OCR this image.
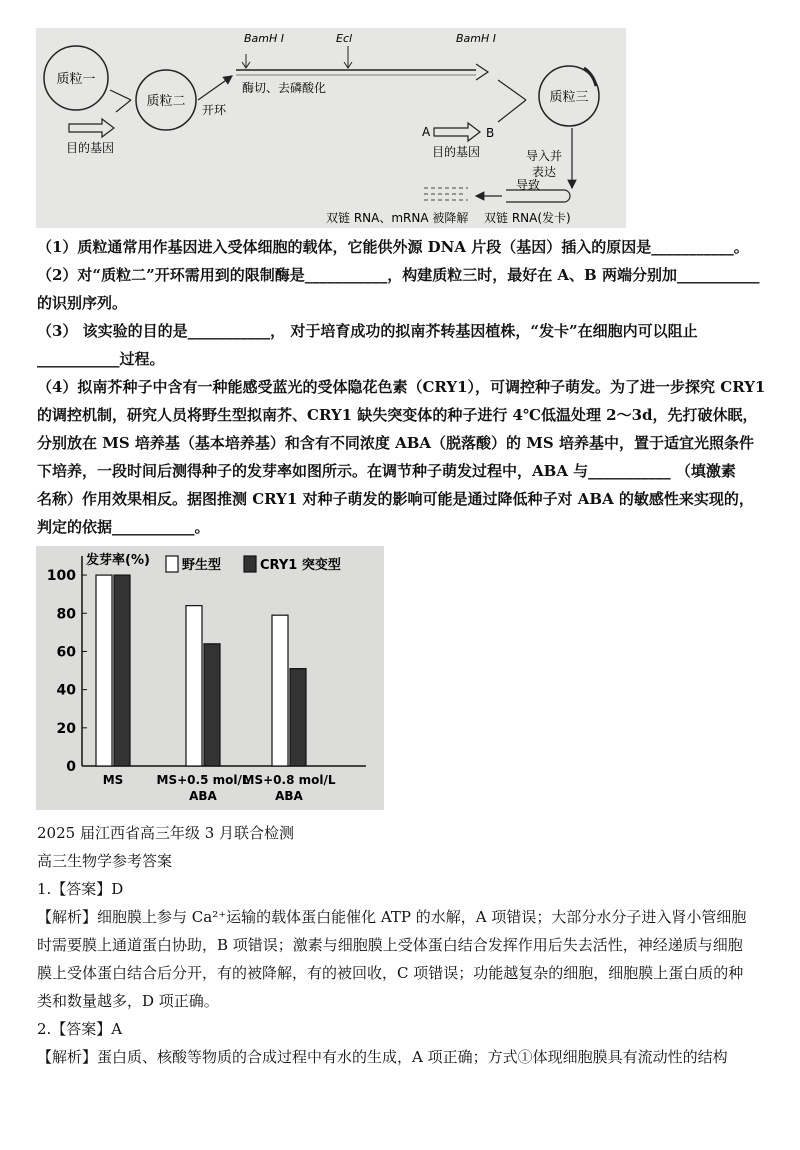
质粒一
目的基因
质粒二
开环
BamH Ⅰ	Ecl	BamH Ⅰ
酶切、去磷酸化
质粒三
A	B
目的基因	导入并表达
导致
双链 RNA(发卡)
双链 RNA、mRNA 被降解
（1）质粒通常用作基因进入受体细胞的载体，它能供外源 DNA 片段（基因）插入的原因是___________。
（2）对“质粒二”开环需用到的限制酶是___________，构建质粒三时，最好在 A、B 两端分别加___________
的识别序列。
（3） 该实验的目的是___________， 对于培育成功的拟南芥转基因植株，“发卡”在细胞内可以阻止
___________过程。
（4）拟南芥种子中含有一种能感受蓝光的受体隐花色素（CRY1），可调控种子萌发。为了进一步探究 CRY1
的调控机制，研究人员将野生型拟南芥、CRY1 缺失突变体的种子进行 4℃低温处理 2～3d，先打破休眠，
分别放在 MS 培养基（基本培养基）和含有不同浓度 ABA（脱落酸）的 MS 培养基中，置于适宜光照条件
下培养，一段时间后测得种子的发芽率如图所示。在调节种子萌发过程中，ABA 与___________ （填激素
名称）作用效果相反。据图推测 CRY1 对种子萌发的影响可能是通过降低种子对 ABA 的敏感性来实现的，
判定的依据___________。
0
20
40
60
80
100
发芽率(%)
MS	MS+0.5 mol/L
ABA
MS+0.8 mol/L
ABA
野生型	CRY1 突变型
2025 届江西省高三年级 3 月联合检测
高三生物学参考答案
1.【答案】D
【解析】细胞膜上参与 Ca²⁺运输的载体蛋白能催化 ATP 的水解，A 项错误；大部分水分子进入肾小管细胞
时需要膜上通道蛋白协助，B 项错误；激素与细胞膜上受体蛋白结合发挥作用后失去活性，神经递质与细胞
膜上受体蛋白结合后分开，有的被降解，有的被回收，C 项错误；功能越复杂的细胞，细胞膜上蛋白质的种
类和数量越多，D 项正确。
2.【答案】A
【解析】蛋白质、核酸等物质的合成过程中有水的生成，A 项正确；方式①体现细胞膜具有流动性的结构
